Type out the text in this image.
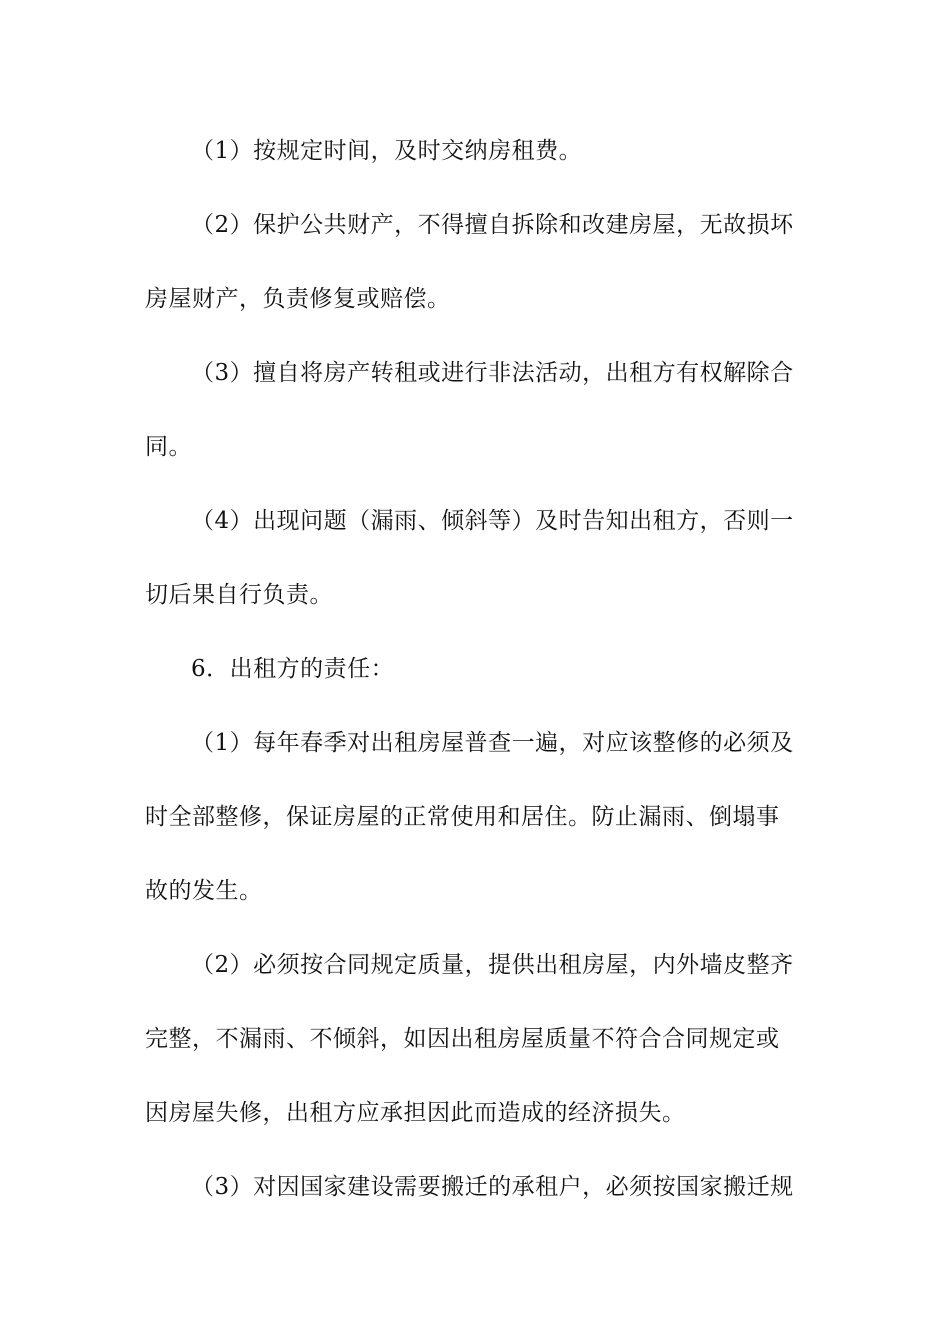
（1）按规定时间，及时交纳房租费。
（2）保护公共财产，不得擅自拆除和改建房屋，无故损坏
房屋财产，负责修复或赔偿。
（3）擅自将房产转租或进行非法活动，出租方有权解除合
同。
（4）出现问题（漏雨、倾斜等）及时告知出租方，否则一
切后果自行负责。
6．出租方的责任：
（1）每年春季对出租房屋普查一遍，对应该整修的必须及
时全部整修，保证房屋的正常使用和居住。防止漏雨、倒塌事
故的发生。
（2）必须按合同规定质量，提供出租房屋，内外墙皮整齐
完整，不漏雨、不倾斜，如因出租房屋质量不符合合同规定或
因房屋失修，出租方应承担因此而造成的经济损失。
（3）对因国家建设需要搬迁的承租户，必须按国家搬迁规
